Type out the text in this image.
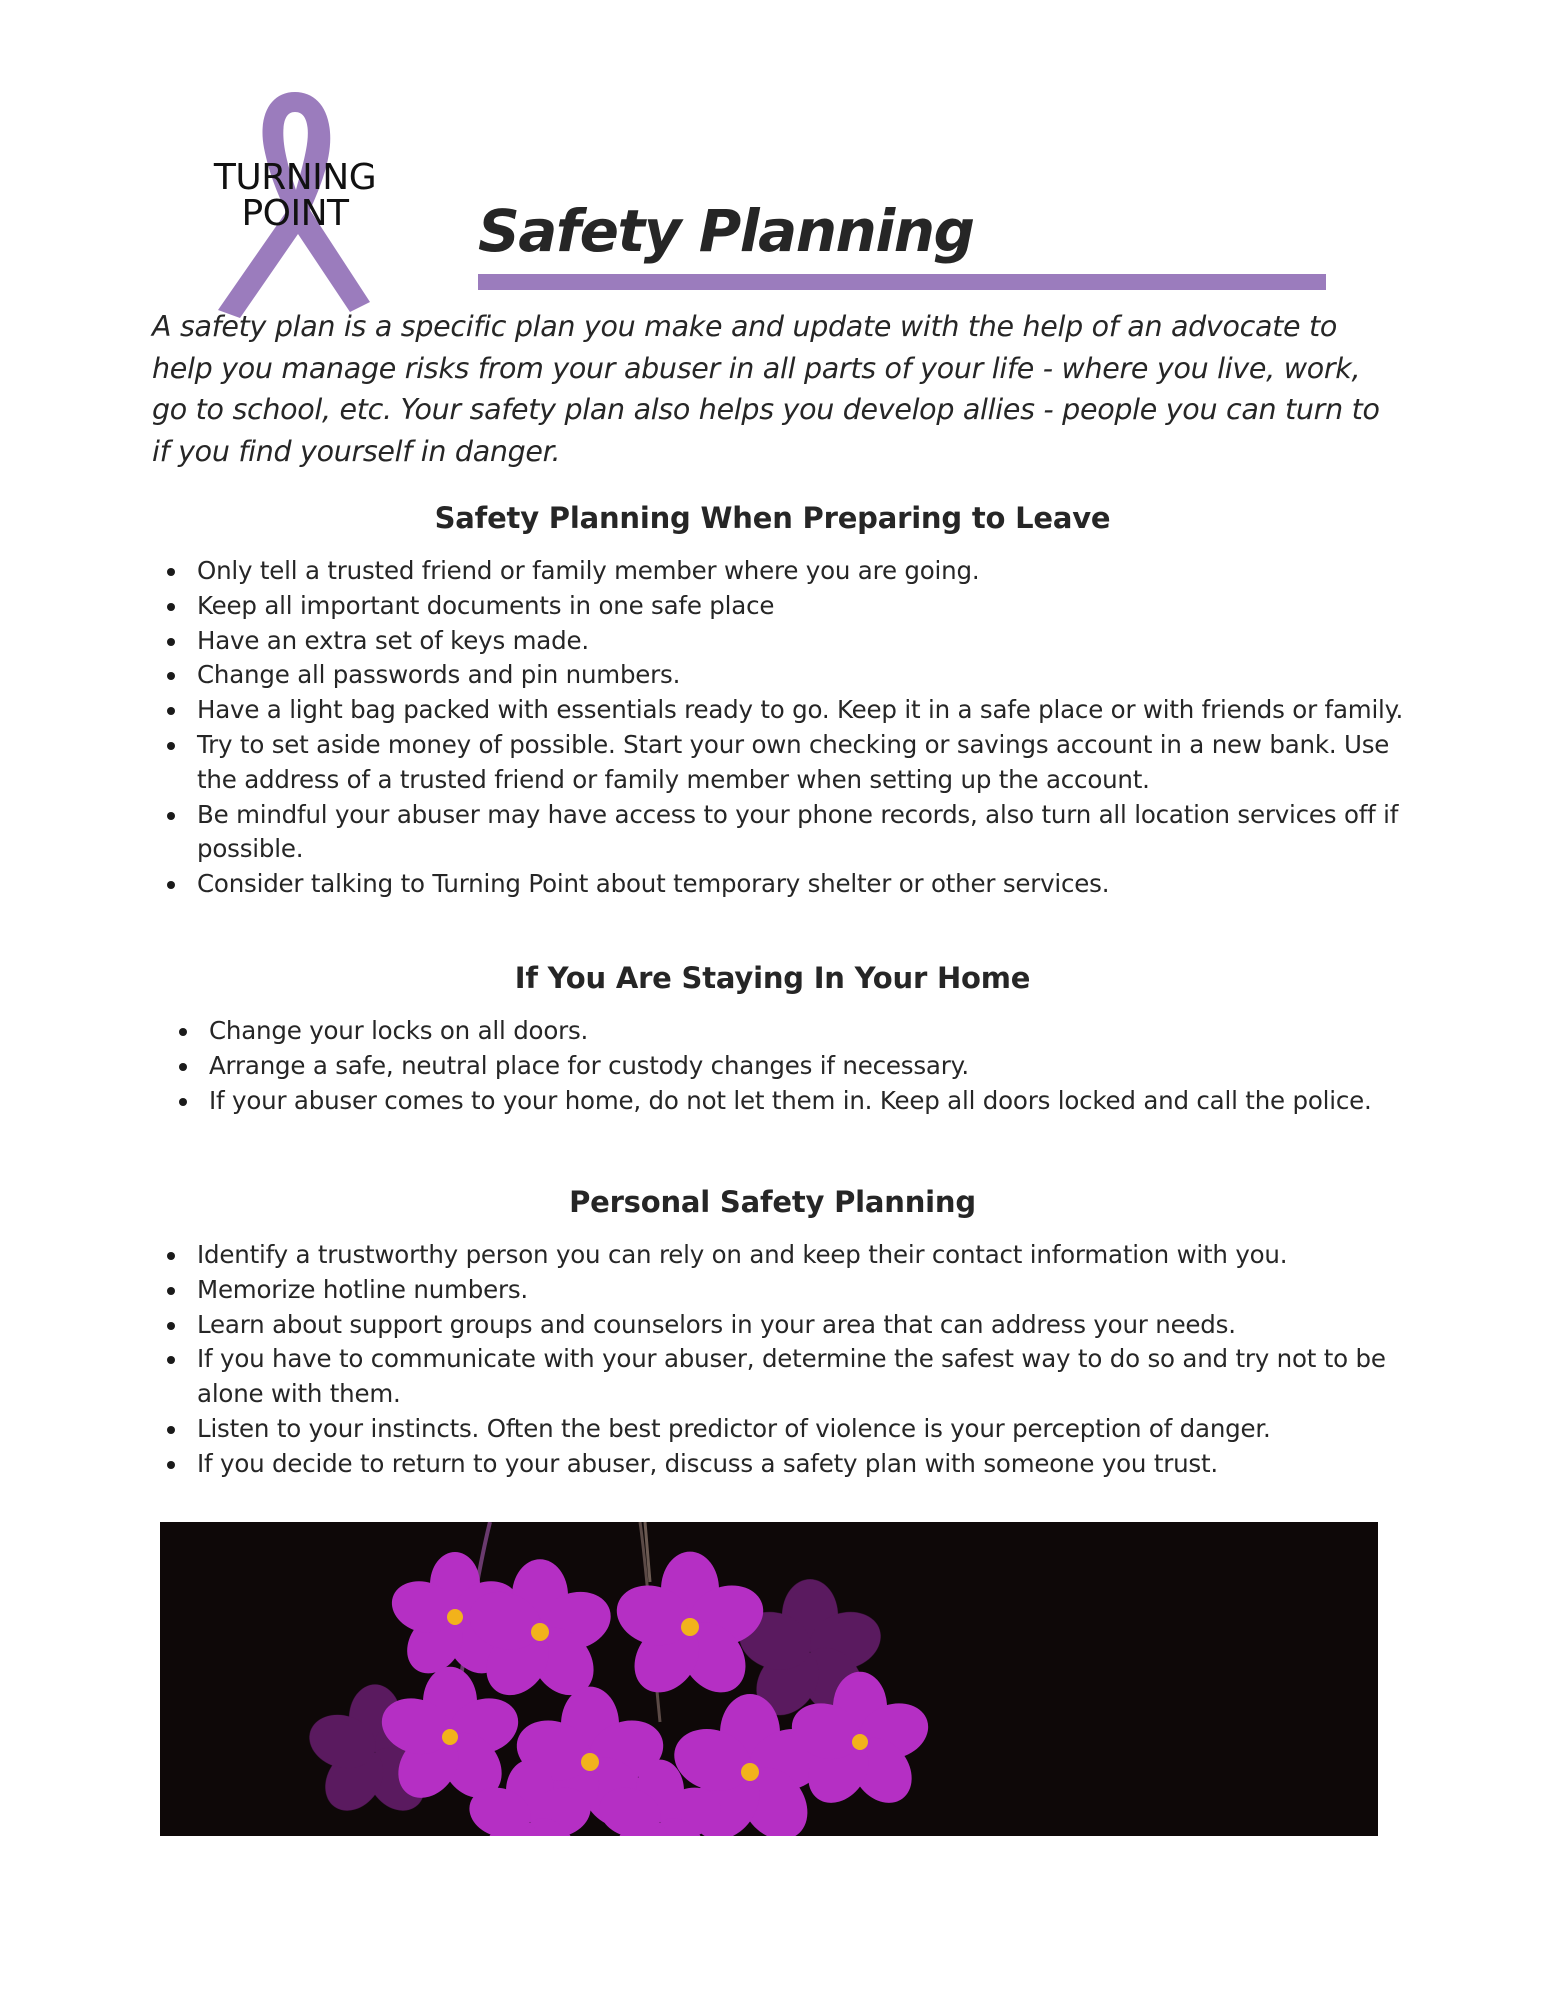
TURNING
POINT	Safety Planning

A safety plan is a specific plan you make and update with the help of an advocate to help you manage risks from your abuser in all parts of your life - where you live, work, go to school, etc. Your safety plan also helps you develop allies - people you can turn to if you find yourself in danger.

Safety Planning When Preparing to Leave
Only tell a trusted friend or family member where you are going.
Keep all important documents in one safe place
Have an extra set of keys made.
Change all passwords and pin numbers.
Have a light bag packed with essentials ready to go. Keep it in a safe place or with friends or family.
Try to set aside money of possible. Start your own checking or savings account in a new bank. Use the address of a trusted friend or family member when setting up the account.
Be mindful your abuser may have access to your phone records, also turn all location services off if possible.
Consider talking to Turning Point about temporary shelter or other services.
If You Are Staying In Your Home
Change your locks on all doors.
Arrange a safe, neutral place for custody changes if necessary.
If your abuser comes to your home, do not let them in. Keep all doors locked and call the police.
Personal Safety Planning
Identify a trustworthy person you can rely on and keep their contact information with you.
Memorize hotline numbers.
Learn about support groups and counselors in your area that can address your needs.
If you have to communicate with your abuser, determine the safest way to do so and try not to be alone with them.
Listen to your instincts. Often the best predictor of violence is your perception of danger.
If you decide to return to your abuser, discuss a safety plan with someone you trust.
